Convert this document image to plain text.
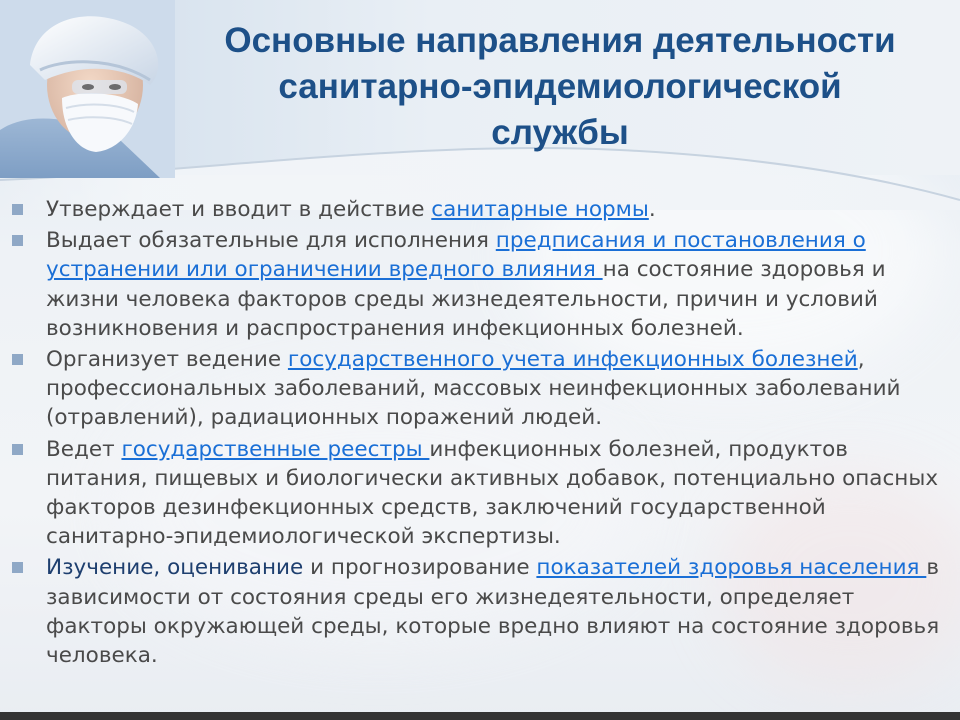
Основные направления деятельности
санитарно-эпидемиологической
службы
Утверждает и вводит в действие санитарные нормы.
Выдает обязательные для исполнения предписания и постановления о устранении или ограничении вредного влияния на состояние здоровья и жизни человека факторов среды жизнедеятельности, причин и условий возникновения и распространения инфекционных болезней.
Организует ведение государственного учета инфекционных болезней, профессиональных заболеваний, массовых неинфекционных заболеваний (отравлений), радиационных поражений людей.
Ведет государственные реестры инфекционных болезней, продуктов питания, пищевых и биологически активных добавок, потенциально опасных факторов дезинфекционных средств, заключений государственной санитарно-эпидемиологической экспертизы.
Изучение, оценивание и прогнозирование показателей здоровья населения в зависимости от состояния среды его жизнедеятельности, определяет факторы окружающей среды, которые вредно влияют на состояние здоровья человека.
